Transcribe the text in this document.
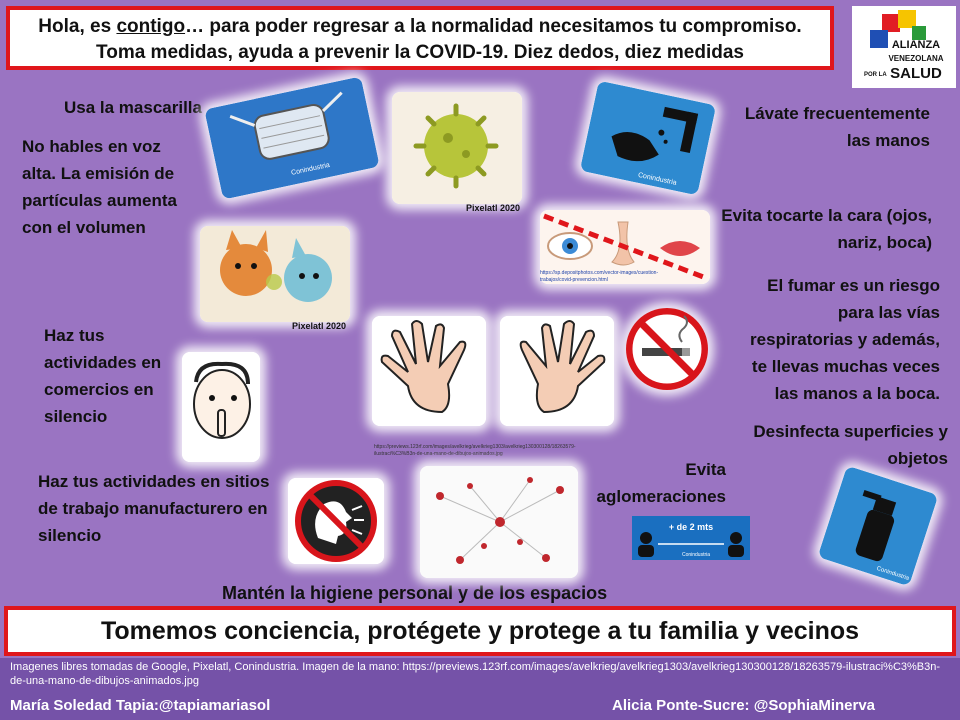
Hola, es contigo… para poder regresar a la normalidad necesitamos tu compromiso.
Toma medidas, ayuda a prevenir la COVID-19. Diez dedos, diez medidas	ALIANZA
VENEZOLANA
POR LA SALUD
Usa la mascarilla
No hables en voz alta. La emisión de partículas aumenta con el volumen
Haz tus actividades en comercios en silencio
Haz tus actividades en sitios de trabajo manufacturero en silencio
Mantén la higiene personal y de los espacios
Lávate frecuentemente
las manos
Evita tocarte la cara (ojos,
nariz, boca)
El fumar es un riesgo
para las vías
respiratorias y además,
te llevas muchas veces
las manos a la boca.
Desinfecta superficies y
objetos
Evita
aglomeraciones
Conindustria
Pixelatl 2020
Conindustria
https://sp.depositphotos.com/vector-images/cuestion-trabajos/covid-prevencion.html
Pixelatl 2020
https://previews.123rf.com/images/avelkrieg/avelkrieg1303/avelkrieg130300128/18263579-ilustraci%C3%B3n-de-una-mano-de-dibujos-animados.jpg
+ de 2 mts
Conindustria
Conindustria
Tomemos conciencia, protégete y protege a tu familia y vecinos
Imagenes libres tomadas de Google, Pixelatl, Conindustria. Imagen de la mano: https://previews.123rf.com/images/avelkrieg/avelkrieg1303/avelkrieg130300128/18263579-ilustraci%C3%B3n-de-una-mano-de-dibujos-animados.jpg
María Soledad Tapia:@tapiamariasol	Alicia Ponte-Sucre: @SophiaMinerva
